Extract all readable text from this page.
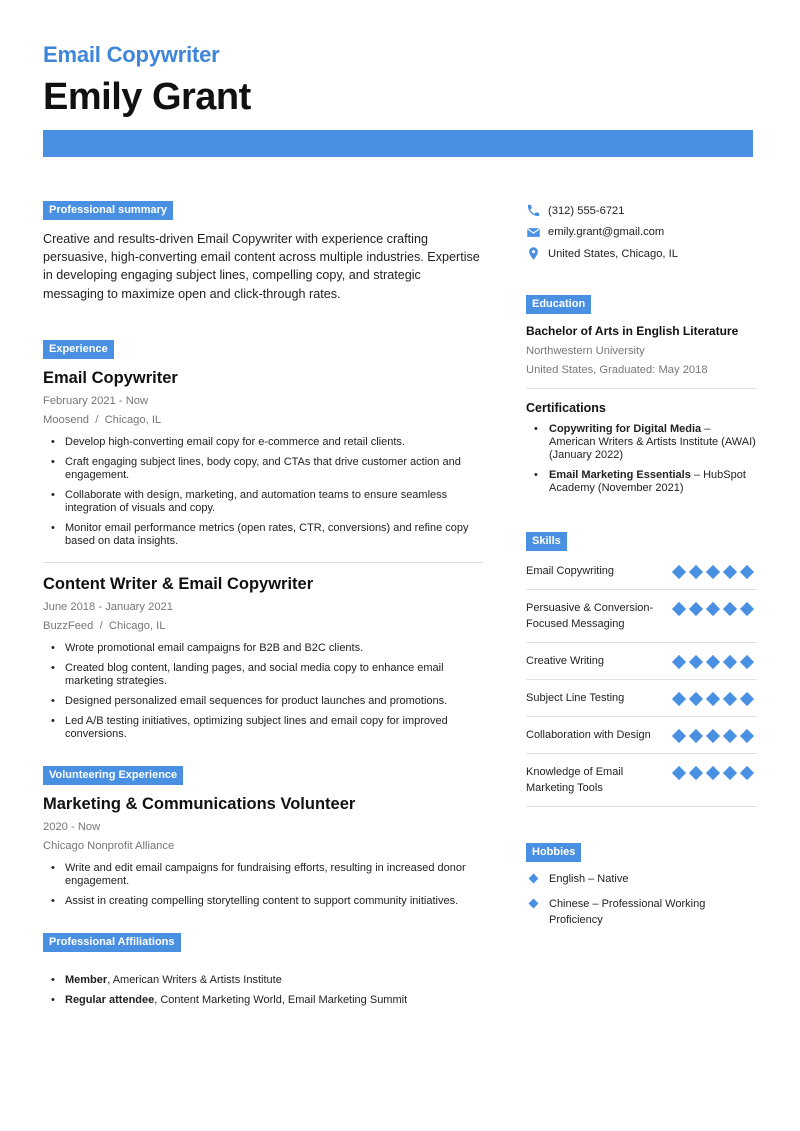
Email Copywriter
Emily Grant
Professional summary

Creative and results-driven Email Copywriter with experience crafting persuasive, high-converting email content across multiple industries. Expertise in developing engaging subject lines, compelling copy, and strategic messaging to maximize open and click-through rates.

Experience
Email Copywriter
February 2021 - Now
Moosend  /  Chicago, IL
• Develop high-converting email copy for e-commerce and retail clients.
• Craft engaging subject lines, body copy, and CTAs that drive customer action and engagement.
• Collaborate with design, marketing, and automation teams to ensure seamless integration of visuals and copy.
• Monitor email performance metrics (open rates, CTR, conversions) and refine copy based on data insights.
Content Writer & Email Copywriter
June 2018 - January 2021
BuzzFeed  /  Chicago, IL
• Wrote promotional email campaigns for B2B and B2C clients.
• Created blog content, landing pages, and social media copy to enhance email marketing strategies.
• Designed personalized email sequences for product launches and promotions.
• Led A/B testing initiatives, optimizing subject lines and email copy for improved conversions.
Volunteering Experience
Marketing & Communications Volunteer
2020 - Now
Chicago Nonprofit Alliance
• Write and edit email campaigns for fundraising efforts, resulting in increased donor engagement.
• Assist in creating compelling storytelling content to support community initiatives.
Professional Affiliations
• Member, American Writers & Artists Institute
• Regular attendee, Content Marketing World, Email Marketing Summit
(312) 555-6721
emily.grant@gmail.com
United States, Chicago, IL
Education
Bachelor of Arts in English Literature
Northwestern University
United States, Graduated: May 2018
Certifications
• Copywriting for Digital Media – American Writers & Artists Institute (AWAI) (January 2022)
• Email Marketing Essentials – HubSpot Academy (November 2021)
Skills
Email Copywriting
Persuasive & Conversion-Focused Messaging
Creative Writing
Subject Line Testing
Collaboration with Design
Knowledge of Email Marketing Tools
Hobbies
English – Native
Chinese – Professional Working Proficiency
